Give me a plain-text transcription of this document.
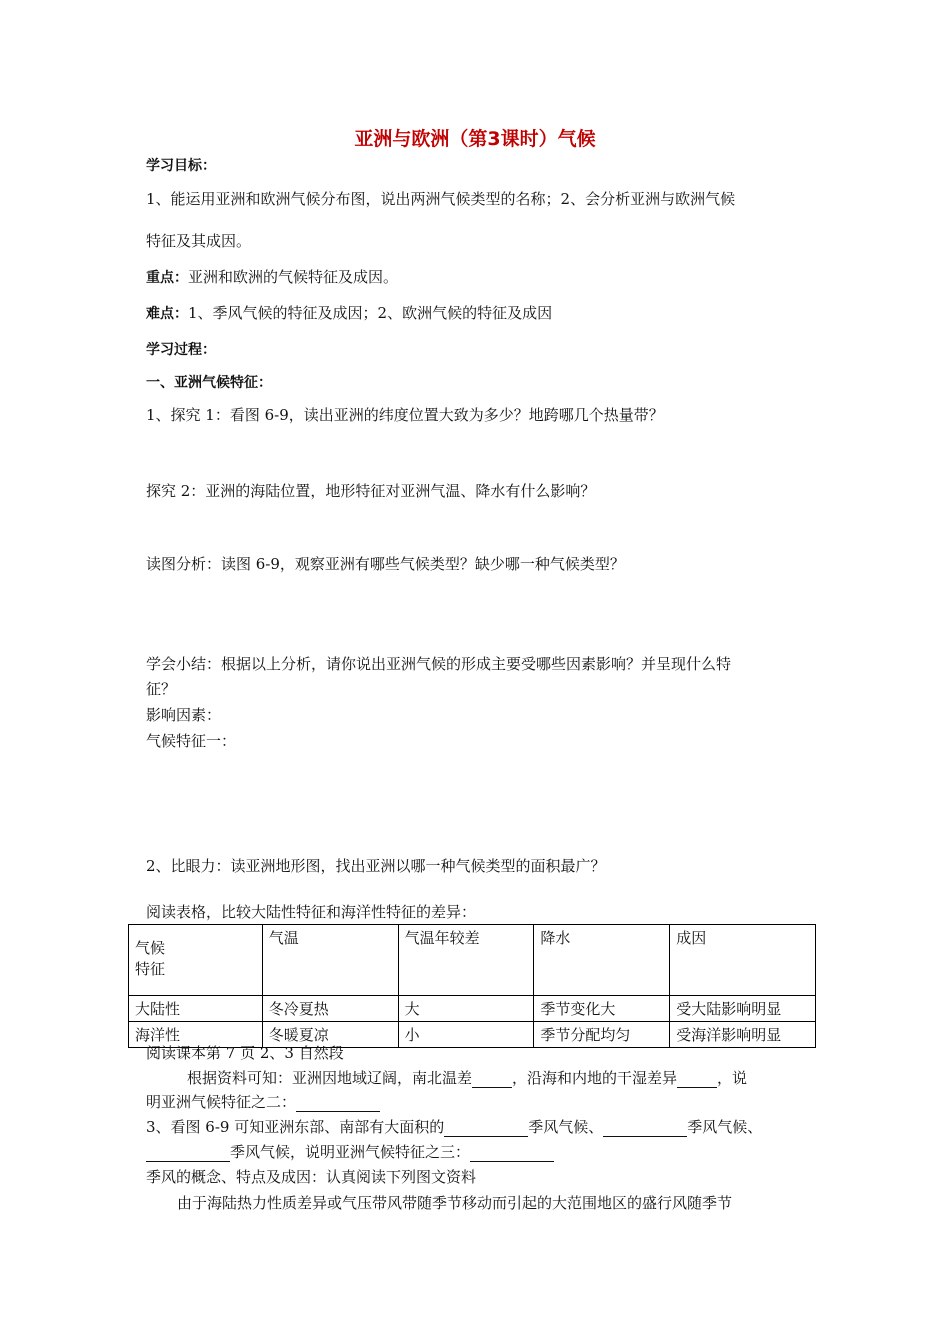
亚洲与欧洲（第3课时）气候
学习目标：
1、能运用亚洲和欧洲气候分布图，说出两洲气候类型的名称；2、会分析亚洲与欧洲气候
特征及其成因。
重点：亚洲和欧洲的气候特征及成因。
难点：1、季风气候的特征及成因；2、欧洲气候的特征及成因
学习过程：
一、亚洲气候特征：
1、探究 1：看图 6-9，读出亚洲的纬度位置大致为多少？地跨哪几个热量带？
探究 2：亚洲的海陆位置，地形特征对亚洲气温、降水有什么影响？
读图分析：读图 6-9，观察亚洲有哪些气候类型？缺少哪一种气候类型？
学会小结：根据以上分析，请你说出亚洲气候的形成主要受哪些因素影响？并呈现什么特
征？
影响因素：
气候特征一：
2、比眼力：读亚洲地形图，找出亚洲以哪一种气候类型的面积最广？
阅读表格，比较大陆性特征和海洋性特征的差异：
气候
特征	气温	气温年较差	降水	成因
大陆性	冬冷夏热	大	季节变化大	受大陆影响明显
海洋性	冬暖夏凉	小	季节分配均匀	受海洋影响明显
阅读课本第 7 页 2、3 自然段
根据资料可知：亚洲因地域辽阔，南北温差	，沿海和内地的干湿差异	，说
明亚洲气候特征之二：
3、看图 6-9 可知亚洲东部、南部有大面积的	季风气候、	季风气候、
季风气候，说明亚洲气候特征之三：
季风的概念、特点及成因：认真阅读下列图文资料
由于海陆热力性质差异或气压带风带随季节移动而引起的大范围地区的盛行风随季节
